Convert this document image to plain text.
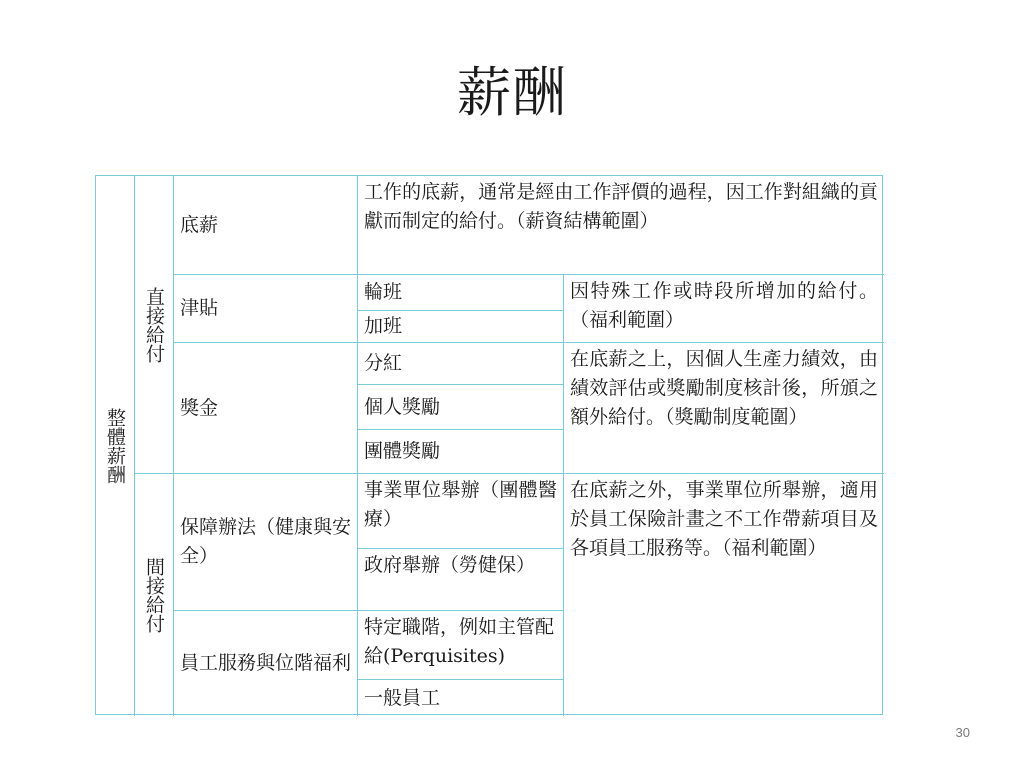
薪酬
整體薪酬
直接給付
間接給付
底薪
工作的底薪，通常是經由工作評價的過程，因工作對組織的貢獻而制定的給付。（薪資結構範圍）
津貼
輪班
加班
因特殊工作或時段所增加的給付。（福利範圍）
獎金
分紅
個人獎勵
團體獎勵
在底薪之上，因個人生產力績效，由績效評估或獎勵制度核計後，所頒之額外給付。（獎勵制度範圍）
保障辦法（健康與安全）
事業單位舉辦（團體醫療）
政府舉辦（勞健保）
員工服務與位階福利
特定職階，例如主管配給(Perquisites)
一般員工
在底薪之外，事業單位所舉辦，適用於員工保險計畫之不工作帶薪項目及各項員工服務等。（福利範圍）
30
